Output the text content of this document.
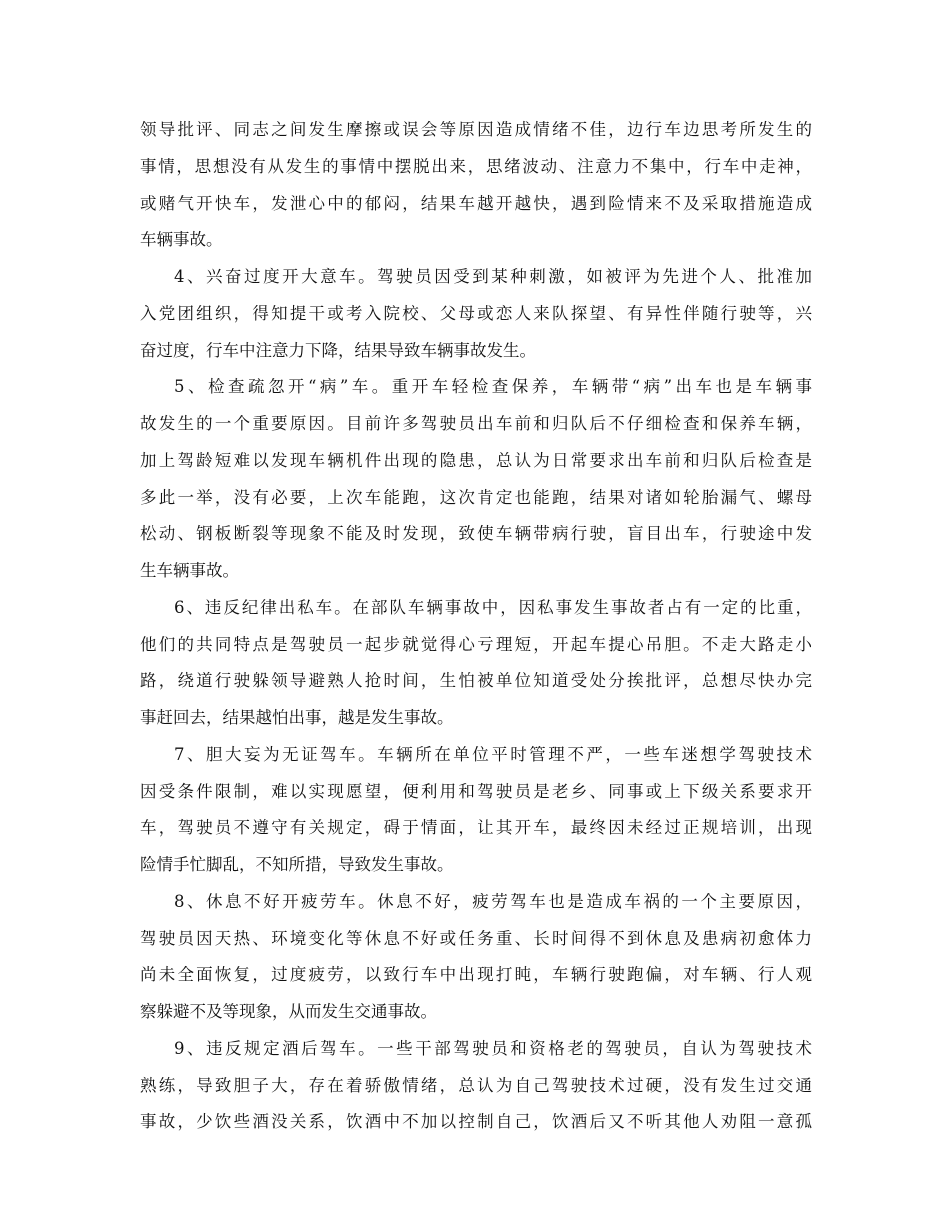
领导批评、同志之间发生摩擦或误会等原因造成情绪不佳，边行车边思考所发生的
事情，思想没有从发生的事情中摆脱出来，思绪波动、注意力不集中，行车中走神，
或赌气开快车，发泄心中的郁闷，结果车越开越快，遇到险情来不及采取措施造成
车辆事故。
4、兴奋过度开大意车。驾驶员因受到某种刺激，如被评为先进个人、批准加
入党团组织，得知提干或考入院校、父母或恋人来队探望、有异性伴随行驶等，兴
奋过度，行车中注意力下降，结果导致车辆事故发生。
5、检查疏忽开“病”车。重开车轻检查保养，车辆带“病”出车也是车辆事
故发生的一个重要原因。目前许多驾驶员出车前和归队后不仔细检查和保养车辆，
加上驾龄短难以发现车辆机件出现的隐患，总认为日常要求出车前和归队后检查是
多此一举，没有必要，上次车能跑，这次肯定也能跑，结果对诸如轮胎漏气、螺母
松动、钢板断裂等现象不能及时发现，致使车辆带病行驶，盲目出车，行驶途中发
生车辆事故。
6、违反纪律出私车。在部队车辆事故中，因私事发生事故者占有一定的比重，
他们的共同特点是驾驶员一起步就觉得心亏理短，开起车提心吊胆。不走大路走小
路，绕道行驶躲领导避熟人抢时间，生怕被单位知道受处分挨批评，总想尽快办完
事赶回去，结果越怕出事，越是发生事故。
7、胆大妄为无证驾车。车辆所在单位平时管理不严，一些车迷想学驾驶技术
因受条件限制，难以实现愿望，便利用和驾驶员是老乡、同事或上下级关系要求开
车，驾驶员不遵守有关规定，碍于情面，让其开车，最终因未经过正规培训，出现
险情手忙脚乱，不知所措，导致发生事故。
8、休息不好开疲劳车。休息不好，疲劳驾车也是造成车祸的一个主要原因，
驾驶员因天热、环境变化等休息不好或任务重、长时间得不到休息及患病初愈体力
尚未全面恢复，过度疲劳，以致行车中出现打盹，车辆行驶跑偏，对车辆、行人观
察躲避不及等现象，从而发生交通事故。
9、违反规定酒后驾车。一些干部驾驶员和资格老的驾驶员，自认为驾驶技术
熟练，导致胆子大，存在着骄傲情绪，总认为自己驾驶技术过硬，没有发生过交通
事故，少饮些酒没关系，饮酒中不加以控制自己，饮酒后又不听其他人劝阻一意孤
